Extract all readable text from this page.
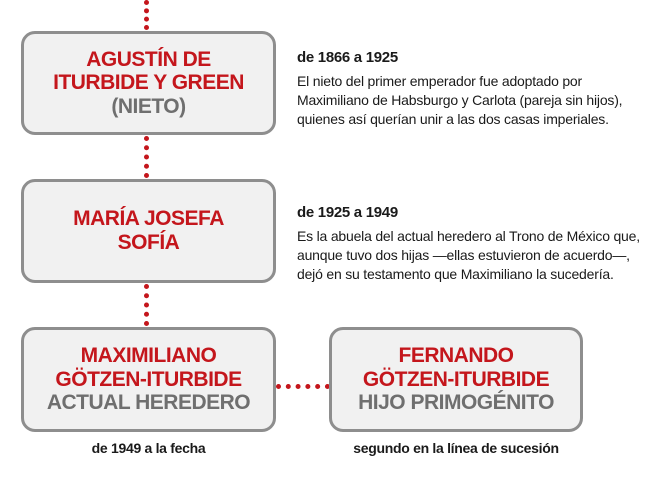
AGUSTÍN DE
ITURBIDE Y GREEN
(NIETO)
de 1866 a 1925
El nieto del primer emperador fue adoptado por
Maximiliano de Habsburgo y Carlota (pareja sin hijos),
quienes así querían unir a las dos casas imperiales.
MARÍA JOSEFA
SOFÍA
de 1925 a 1949
Es la abuela del actual heredero al Trono de México que,
aunque tuvo dos hijas —ellas estuvieron de acuerdo—,
dejó en su testamento que Maximiliano la sucedería.
MAXIMILIANO
GÖTZEN-ITURBIDE
ACTUAL HEREDERO
de 1949 a la fecha
FERNANDO
GÖTZEN-ITURBIDE
HIJO PRIMOGÉNITO
segundo en la línea de sucesión
